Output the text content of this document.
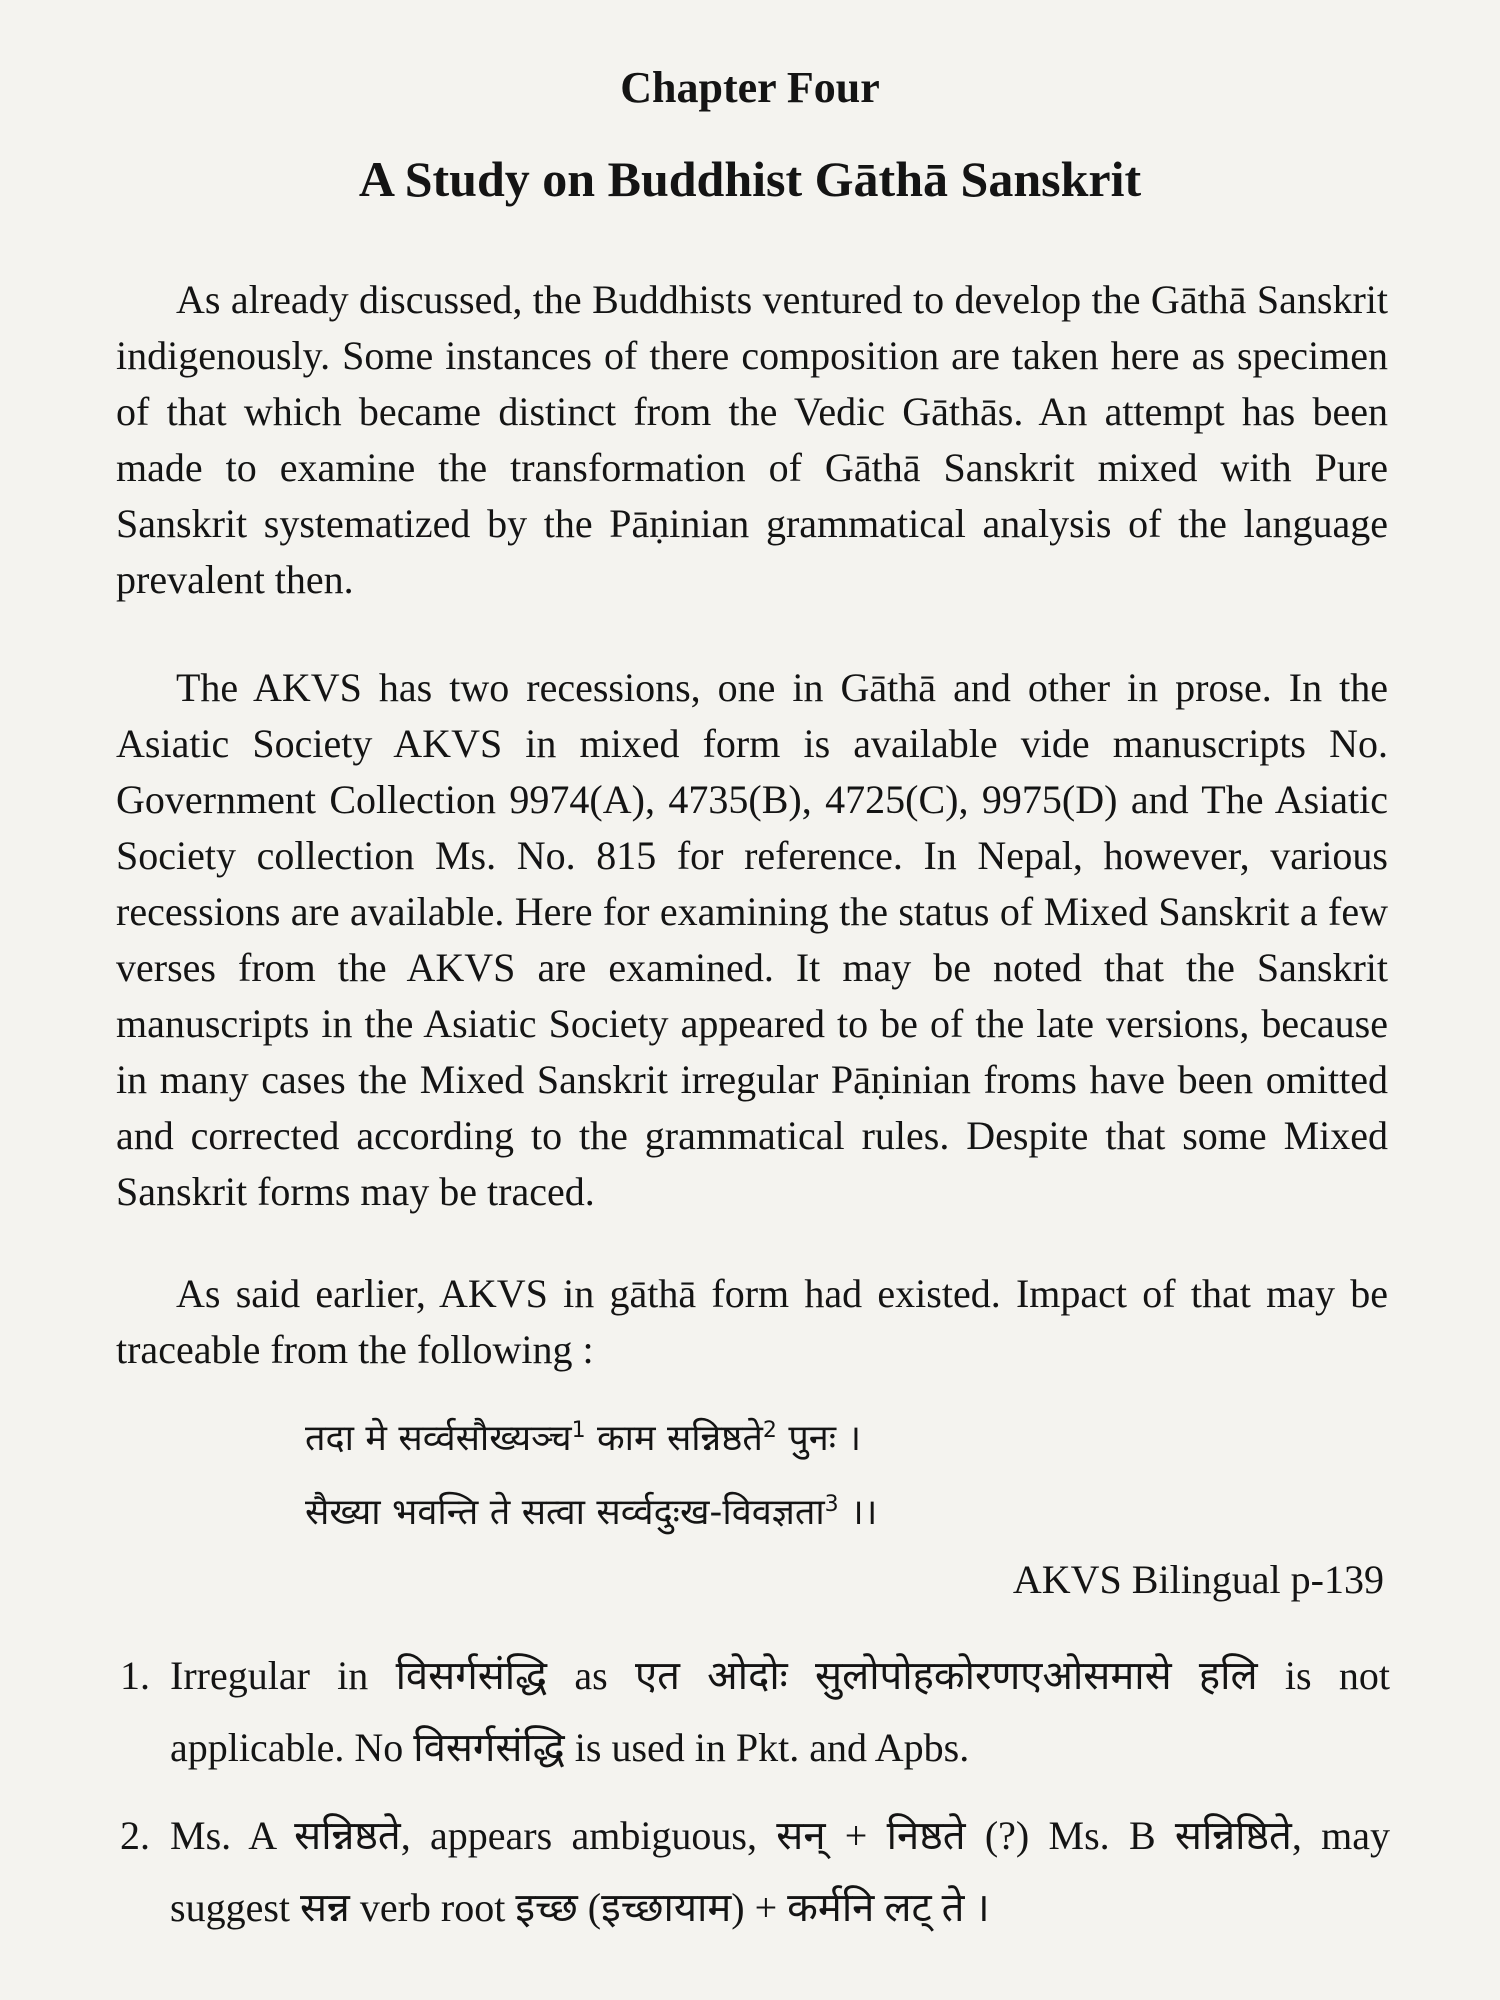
Chapter Four
A Study on Buddhist Gāthā Sanskrit

As already discussed, the Buddhists ventured to develop the Gāthā Sanskrit indigenously. Some instances of there composition are taken here as specimen of that which became distinct from the Vedic Gāthās. An attempt has been made to examine the transformation of Gāthā Sanskrit mixed with Pure Sanskrit systematized by the Pāṇinian grammatical analysis of the language prevalent then.

The AKVS has two recessions, one in Gāthā and other in prose. In the Asiatic Society AKVS in mixed form is available vide manuscripts No. Government Collection 9974(A), 4735(B), 4725(C), 9975(D) and The Asiatic Society collection Ms. No. 815 for reference. In Nepal, however, various recessions are available. Here for examining the status of Mixed Sanskrit a few verses from the AKVS are examined. It may be noted that the Sanskrit manuscripts in the Asiatic Society appeared to be of the late versions, because in many cases the Mixed Sanskrit irregular Pāṇinian froms have been omitted and corrected according to the grammatical rules. Despite that some Mixed Sanskrit forms may be traced.

As said earlier, AKVS in gāthā form had existed. Impact of that may be traceable from the following :

तदा मे सर्व्वसौख्यञ्च$^1$ काम सन्निष्ठते$^2$ पुनः ।
सैख्या भवन्ति ते सत्वा सर्व्वदुःख-विवज्ञता$^3$ ।।
AKVS Bilingual p-139
1. Irregular in विसर्गसंद्धि as एत ओदोः सुलोपोहकोरणएओसमासे हलि is not applicable. No विसर्गसंद्धि is used in Pkt. and Apbs.
2. Ms. A सन्निष्ठते, appears ambiguous, सन् + निष्ठते (?) Ms. B सन्निष्ठिते, may suggest सन्न verb root इच्छ (इच्छायाम) + कर्मनि लट् ते ।
